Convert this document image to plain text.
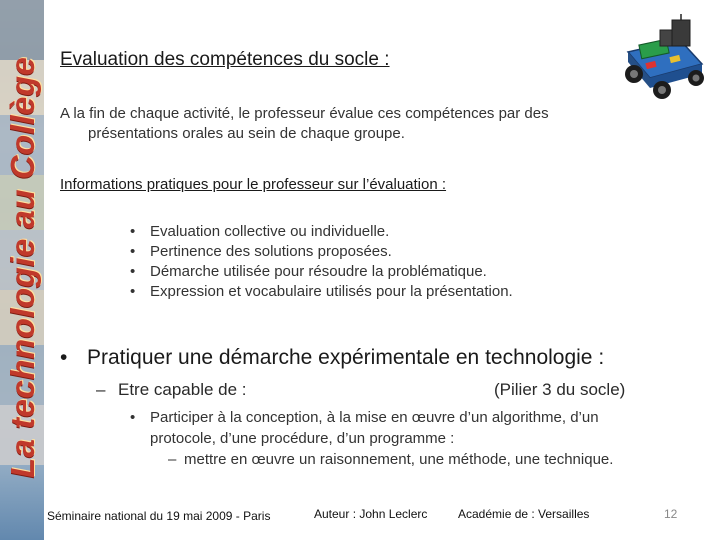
La technologie au Collège Evaluation des compétences du socle :
A la fin de chaque activité, le professeur évalue ces compétences par des
présentations orales au sein de chaque groupe.
Informations pratiques pour le professeur sur l’évaluation :
• Evaluation collective ou individuelle.
• Pertinence des solutions proposées.
• Démarche utilisée pour résoudre la problématique.
• Expression et vocabulaire utilisés pour la présentation.
• Pratiquer une démarche expérimentale en technologie :
– Etre capable de :	(Pilier 3 du socle)
• Participer à la conception, à la mise en œuvre d’un algorithme, d’un
protocole, d’une procédure, d’un programme :
– mettre en œuvre un raisonnement, une méthode, une technique.
Séminaire national du 19 mai 2009 - Paris	Auteur : John Leclerc	Académie de : Versailles	12
